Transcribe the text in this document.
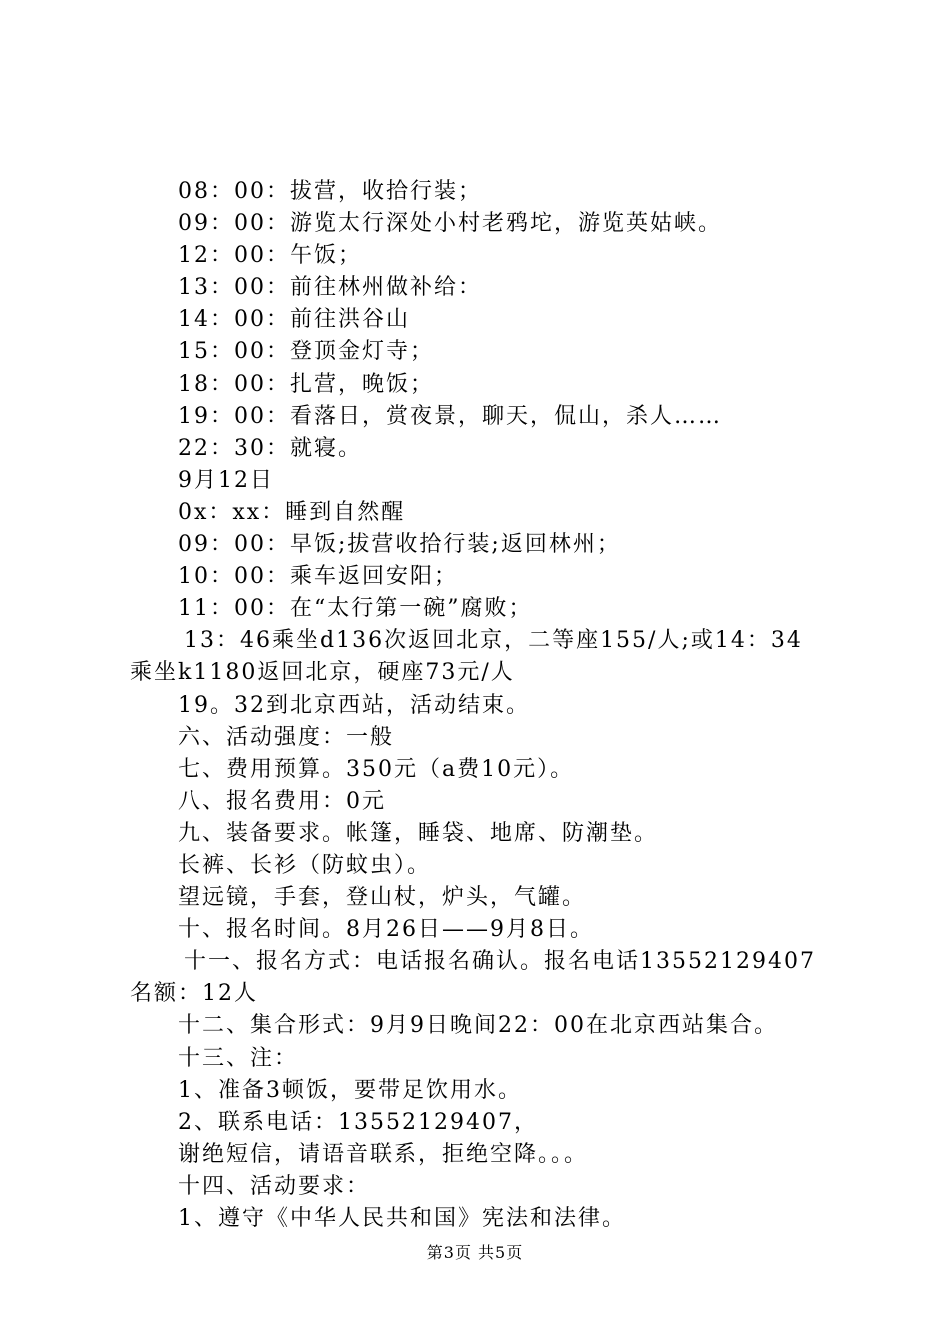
08：00：拔营，收拾行装；
09：00：游览太行深处小村老鸦坨，游览英姑峡。
12：00：午饭；
13：00：前往林州做补给：
14：00：前往洪谷山
15：00：登顶金灯寺；
18：00：扎营，晚饭；
19：00：看落日，赏夜景，聊天，侃山，杀人……
22：30：就寝。
9月12日
0x：xx：睡到自然醒
09：00：早饭;拔营收拾行装;返回林州；
10：00：乘车返回安阳；
11：00：在“太行第一碗”腐败；
13：46乘坐d136次返回北京，二等座155/人;或14：34
乘坐k1180返回北京，硬座73元/人
19。32到北京西站，活动结束。
六、活动强度：一般
七、费用预算。350元（a费10元）。
八、报名费用：0元
九、装备要求。帐篷，睡袋、地席、防潮垫。
长裤、长衫（防蚊虫）。
望远镜，手套，登山杖，炉头，气罐。
十、报名时间。8月26日——9月8日。
十一、报名方式：电话报名确认。报名电话13552129407
名额：12人
十二、集合形式：9月9日晚间22：00在北京西站集合。
十三、注：
1、准备3顿饭，要带足饮用水。
2、联系电话：13552129407，
谢绝短信，请语音联系，拒绝空降。。。
十四、活动要求：
1、遵守《中华人民共和国》宪法和法律。
第3页 共5页
